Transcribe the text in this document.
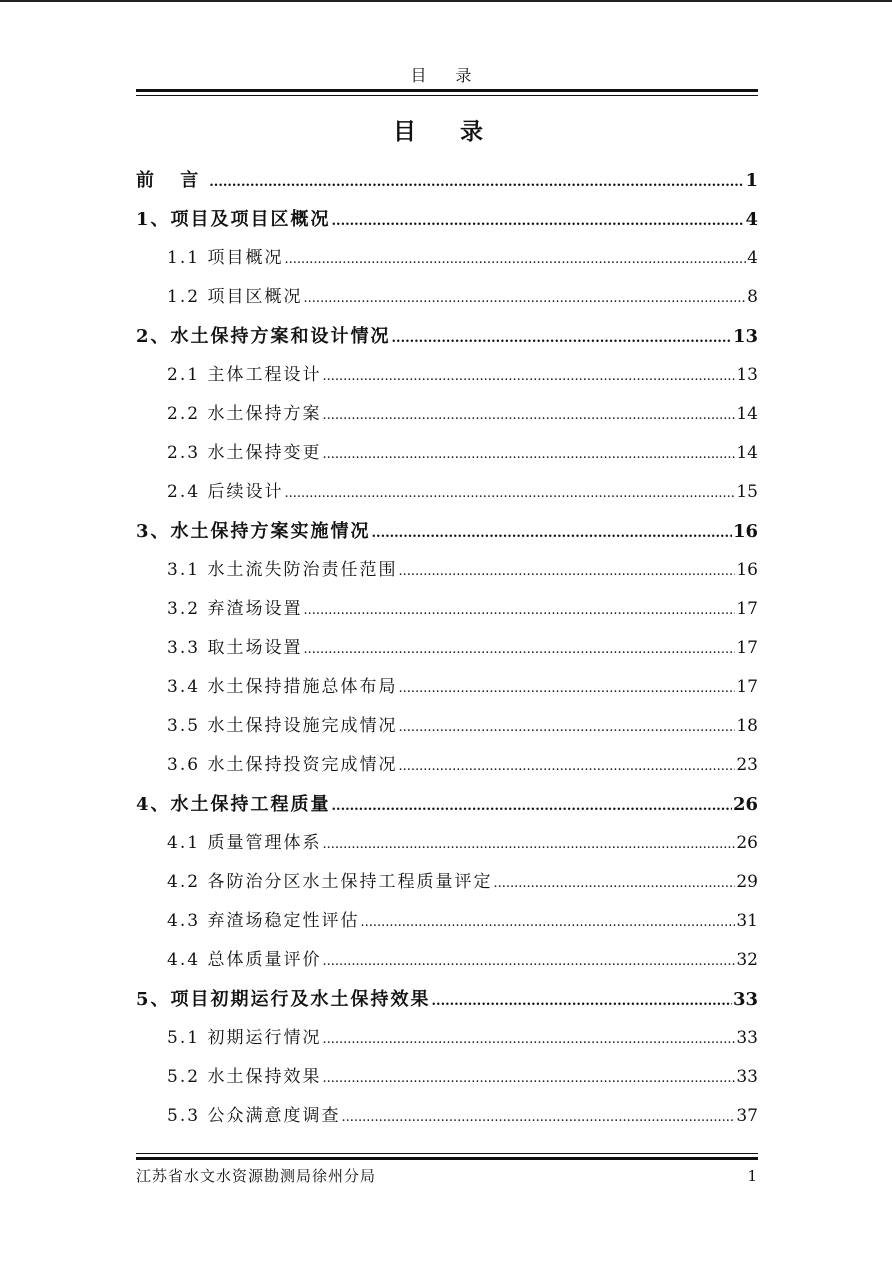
目 录
目 录
前 言 .....	1
1、项目及项目区概况 .....	4
1.1 项目概况 .....	4
1.2 项目区概况 .....	8
2、水土保持方案和设计情况 .....	13
2.1 主体工程设计 .....	13
2.2 水土保持方案 .....	14
2.3 水土保持变更 .....	14
2.4 后续设计 .....	15
3、水土保持方案实施情况 .....	16
3.1 水土流失防治责任范围 .....	16
3.2 弃渣场设置 .....	17
3.3 取土场设置 .....	17
3.4 水土保持措施总体布局 .....	17
3.5 水土保持设施完成情况 .....	18
3.6 水土保持投资完成情况 .....	23
4、水土保持工程质量 .....	26
4.1 质量管理体系 .....	26
4.2 各防治分区水土保持工程质量评定 .....	29
4.3 弃渣场稳定性评估 .....	31
4.4 总体质量评价 .....	32
5、项目初期运行及水土保持效果 .....	33
5.1 初期运行情况 .....	33
5.2 水土保持效果 .....	33
5.3 公众满意度调查 .....	37
江苏省水文水资源勘测局徐州分局	1
